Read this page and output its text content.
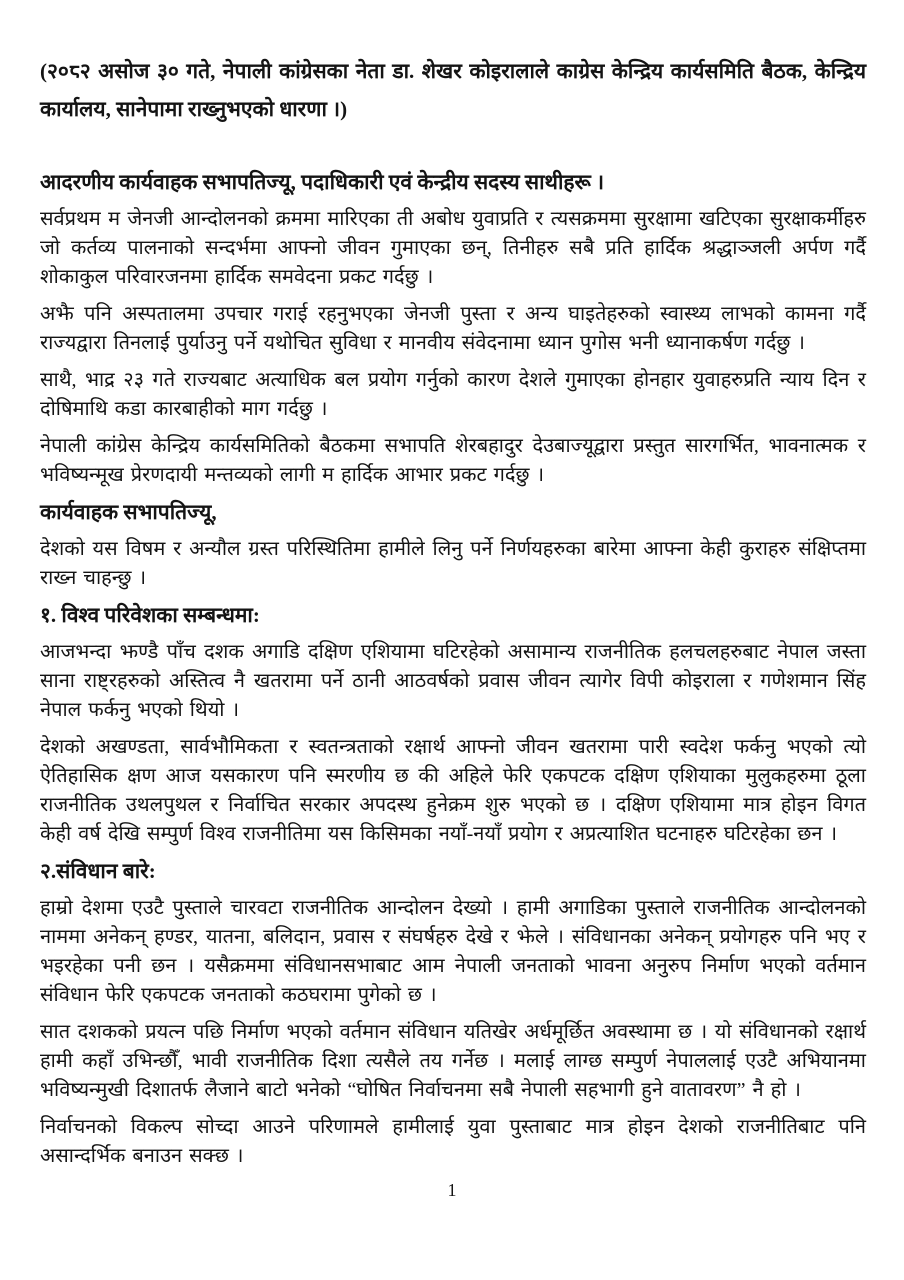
(२०८२ असोज ३० गते, नेपाली कांग्रेसका नेता डा. शेखर कोइरालाले काग्रेस केन्द्रिय कार्यसमिति बैठक, केन्द्रिय कार्यालय, सानेपामा राख्नुभएको धारणा ।)

आदरणीय कार्यवाहक सभापतिज्यू, पदाधिकारी एवं केन्द्रीय सदस्य साथीहरू ।

सर्वप्रथम म जेनजी आन्दोलनको क्रममा मारिएका ती अबोध युवाप्रति र त्यसक्रममा सुरक्षामा खटिएका सुरक्षाकर्मीहरु जो कर्तव्य पालनाको सन्दर्भमा आफ्नो जीवन गुमाएका छन्, तिनीहरु सबै प्रति हार्दिक श्रद्धाञ्जली अर्पण गर्दै शोकाकुल परिवारजनमा हार्दिक समवेदना प्रकट गर्दछु ।

अझै पनि अस्पतालमा उपचार गराई रहनुभएका जेनजी पुस्ता र अन्य घाइतेहरुको स्वास्थ्य लाभको कामना गर्दै राज्यद्वारा तिनलाई पुर्याउनु पर्ने यथोचित सुविधा र मानवीय संवेदनामा ध्यान पुगोस भनी ध्यानाकर्षण गर्दछु ।

साथै, भाद्र २३ गते राज्यबाट अत्याधिक बल प्रयोग गर्नुको कारण देशले गुमाएका होनहार युवाहरुप्रति न्याय दिन र दोषिमाथि कडा कारबाहीको माग गर्दछु ।

नेपाली कांग्रेस केन्द्रिय कार्यसमितिको बैठकमा सभापति शेरबहादुर देउबाज्यूद्वारा प्रस्तुत सारगर्भित, भावनात्मक र भविष्यन्मूख प्रेरणदायी मन्तव्यको लागी म हार्दिक आभार प्रकट गर्दछु ।

कार्यवाहक सभापतिज्यू,

देशको यस विषम र अन्यौल ग्रस्त परिस्थितिमा हामीले लिनु पर्ने निर्णयहरुका बारेमा आफ्ना केही कुराहरु संक्षिप्तमा राख्न चाहन्छु ।

१. विश्व परिवेशका सम्बन्धमा:

आजभन्दा झण्डै पाँच दशक अगाडि दक्षिण एशियामा घटिरहेको असामान्य राजनीतिक हलचलहरुबाट नेपाल जस्ता साना राष्ट्रहरुको अस्तित्व नै खतरामा पर्ने ठानी आठवर्षको प्रवास जीवन त्यागेर विपी कोइराला र गणेशमान सिंह नेपाल फर्कनु भएको थियो ।

देशको अखण्डता, सार्वभौमिकता र स्वतन्त्रताको रक्षार्थ आफ्नो जीवन खतरामा पारी स्वदेश फर्कनु भएको त्यो ऐतिहासिक क्षण आज यसकारण पनि स्मरणीय छ की अहिले फेरि एकपटक दक्षिण एशियाका मुलुकहरुमा ठूला राजनीतिक उथलपुथल र निर्वाचित सरकार अपदस्थ हुनेक्रम शुरु भएको छ । दक्षिण एशियामा मात्र होइन विगत केही वर्ष देखि सम्पुर्ण विश्व राजनीतिमा यस किसिमका नयाँ-नयाँ प्रयोग र अप्रत्याशित घटनाहरु घटिरहेका छन ।

२.संविधान बारे:

हाम्रो देशमा एउटै पुस्ताले चारवटा राजनीतिक आन्दोलन देख्यो । हामी अगाडिका पुस्ताले राजनीतिक आन्दोलनको नाममा अनेकन् हण्डर, यातना, बलिदान, प्रवास र संघर्षहरु देखे र झेले । संविधानका अनेकन् प्रयोगहरु पनि भए र भइरहेका पनी छन । यसैक्रममा संविधानसभाबाट आम नेपाली जनताको भावना अनुरुप निर्माण भएको वर्तमान संविधान फेरि एकपटक जनताको कठघरामा पुगेको छ ।

सात दशकको प्रयत्न पछि निर्माण भएको वर्तमान संविधान यतिखेर अर्धमूर्छित अवस्थामा छ । यो संविधानको रक्षार्थ हामी कहाँ उभिन्छौँ, भावी राजनीतिक दिशा त्यसैले तय गर्नेछ । मलाई लाग्छ सम्पुर्ण नेपाललाई एउटै अभियानमा भविष्यन्मुखी दिशातर्फ लैजाने बाटो भनेको “घोषित निर्वाचनमा सबै नेपाली सहभागी हुने वातावरण” नै हो ।

निर्वाचनको विकल्प सोच्दा आउने परिणामले हामीलाई युवा पुस्ताबाट मात्र होइन देशको राजनीतिबाट पनि असान्दर्भिक बनाउन सक्छ ।

1
